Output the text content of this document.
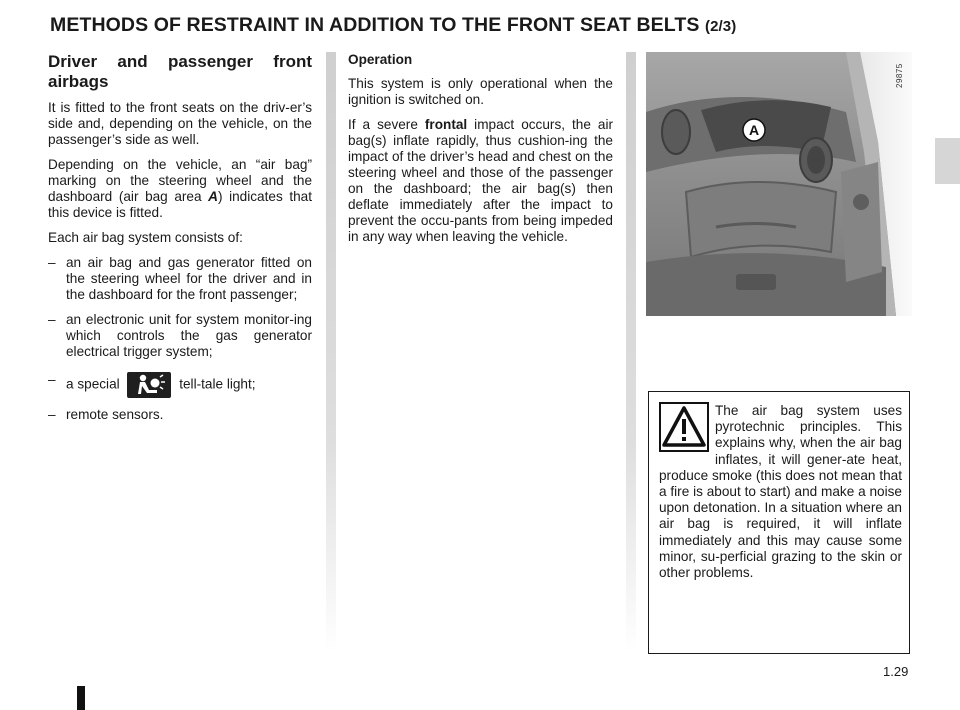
METHODS OF RESTRAINT IN ADDITION TO THE FRONT SEAT BELTS (2/3)
Driver and passenger front airbags

It is fitted to the front seats on the driv-er’s side and, depending on the vehicle, on the passenger’s side as well.

Depending on the vehicle, an “air bag” marking on the steering wheel and the dashboard (air bag area A) indicates that this device is fitted.

Each air bag system consists of:

– an air bag and gas generator fitted on the steering wheel for the driver and in the dashboard for the front passenger;
– an electronic unit for system monitor-ing which controls the gas generator electrical trigger system;
– a special	tell-tale light;
– remote sensors.
Operation

This system is only operational when the ignition is switched on.

If a severe frontal impact occurs, the air bag(s) inflate rapidly, thus cushion-ing the impact of the driver’s head and chest on the steering wheel and those of the passenger on the dashboard; the air bag(s) then deflate immediately after the impact to prevent the occu-pants from being impeded in any way when leaving the vehicle.

A
29875
The air bag system uses pyrotechnic principles. This explains why, when the air bag inflates, it will gener-ate heat, produce smoke (this does not mean that a fire is about to start) and make a noise upon detonation. In a situation where an air bag is required, it will inflate immediately and this may cause some minor, su-perficial grazing to the skin or other problems.
1.29
